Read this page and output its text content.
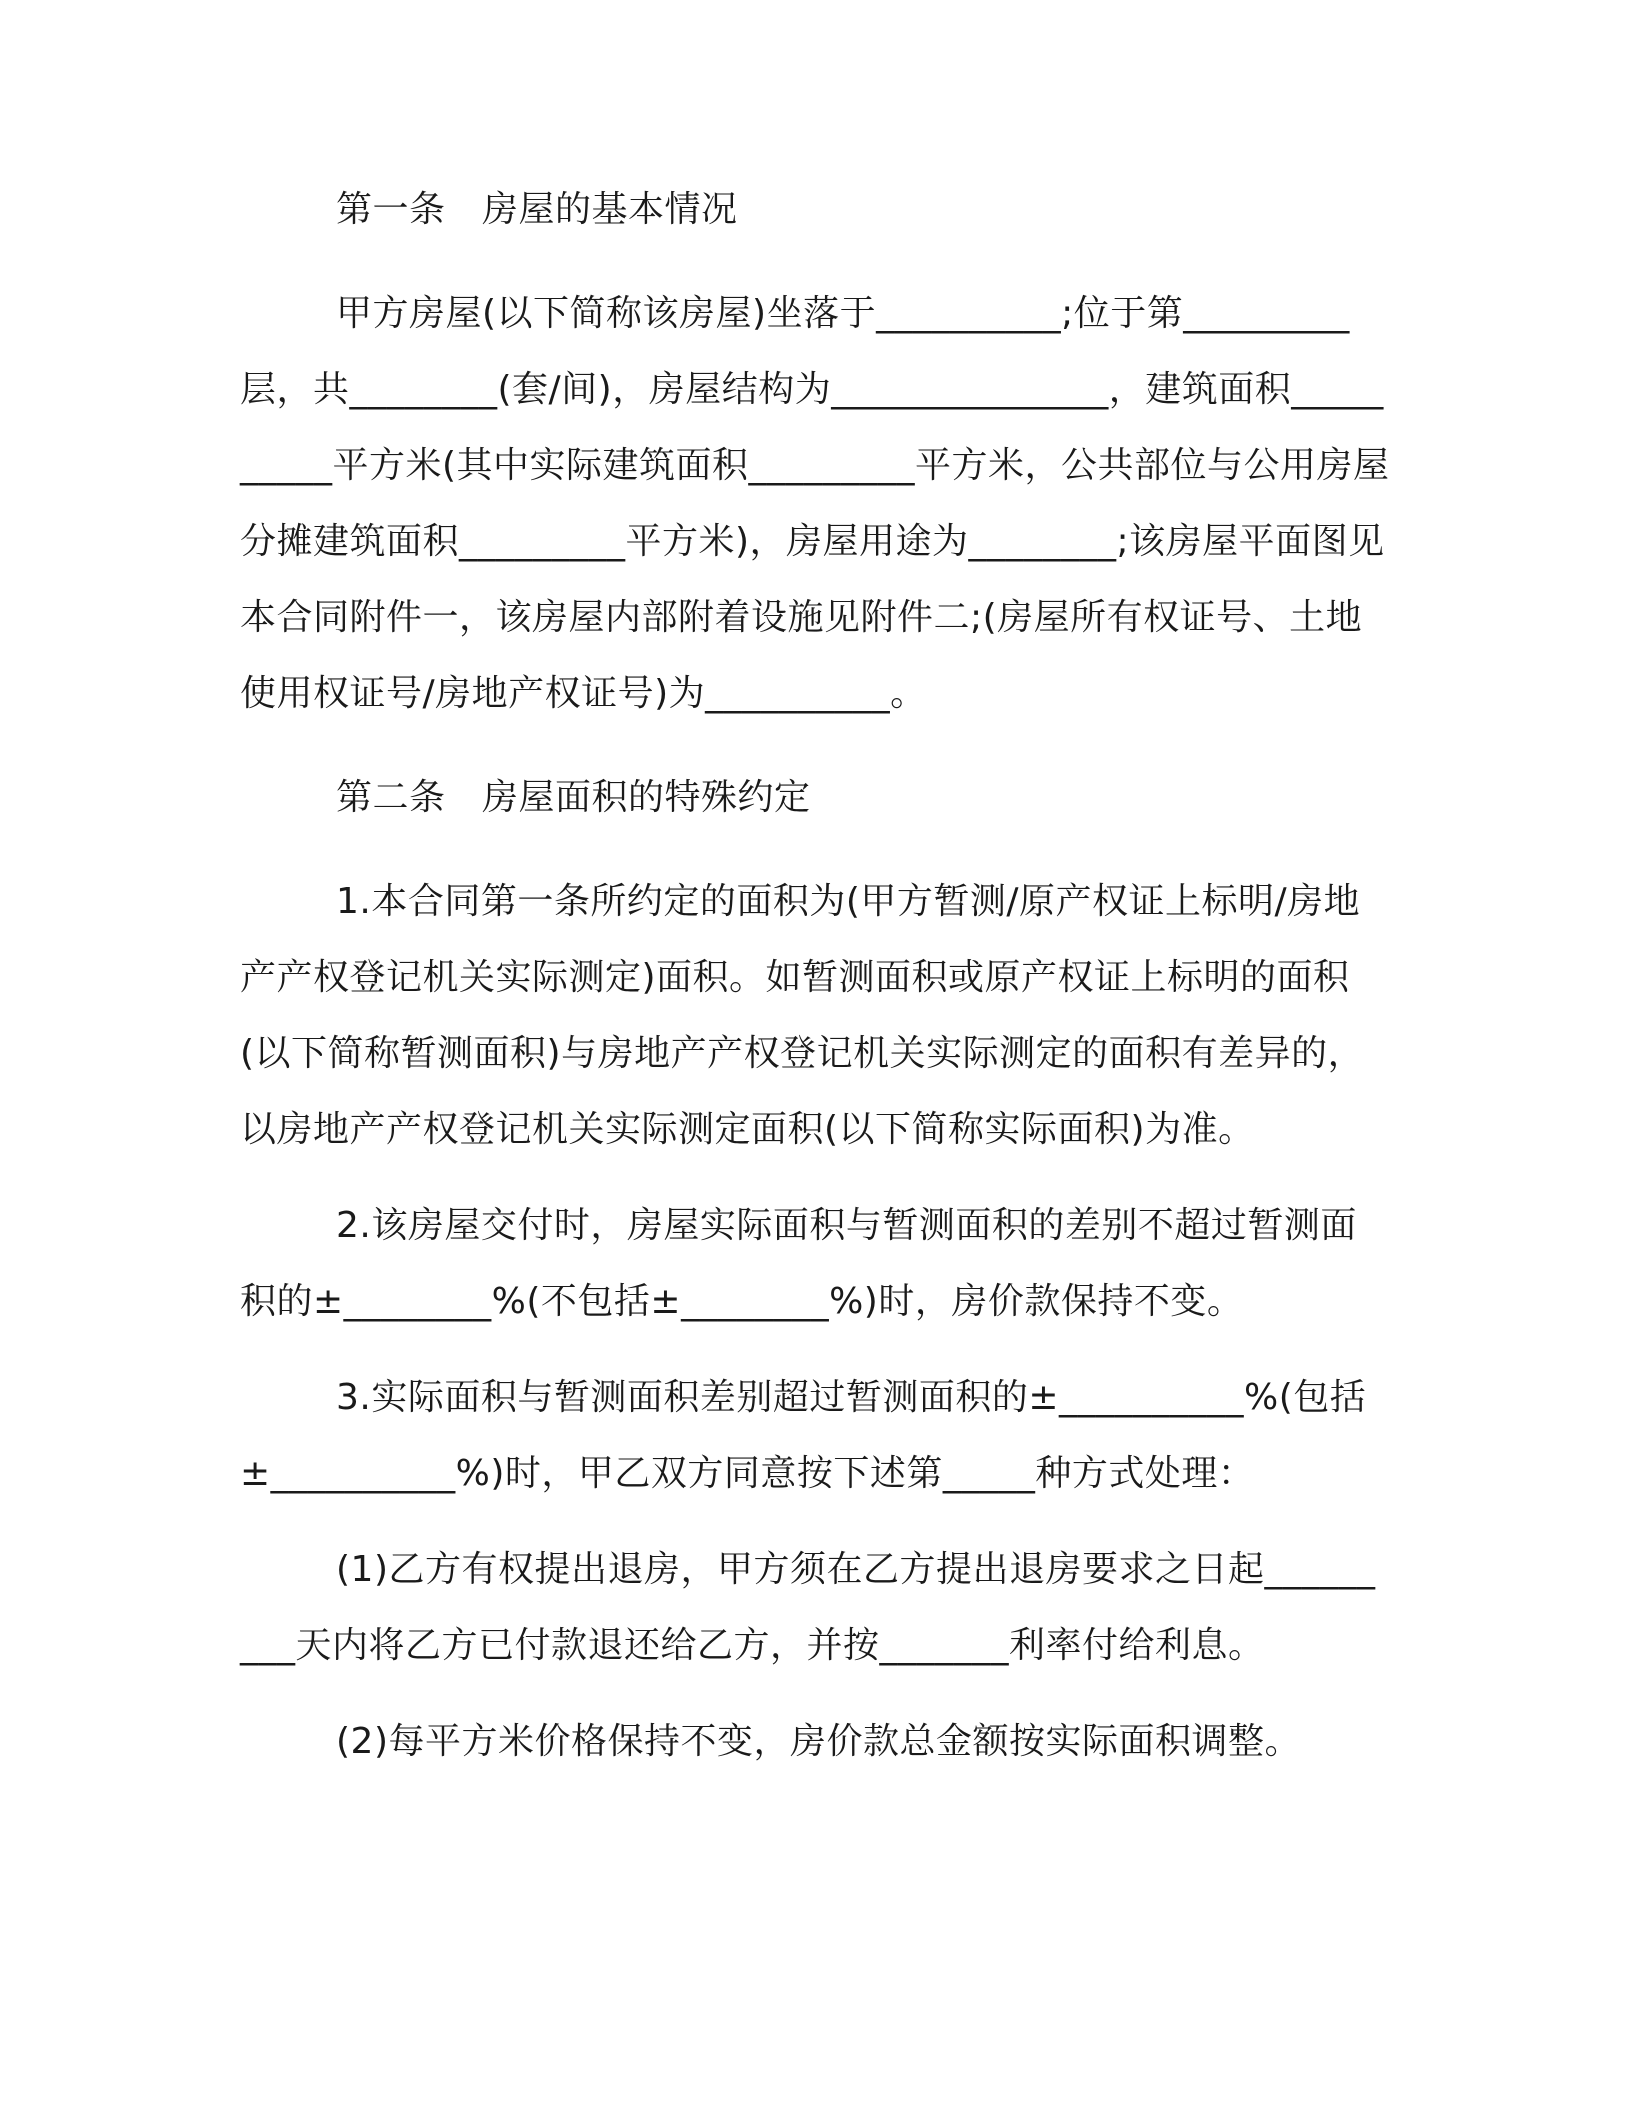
第一条　房屋的基本情况

甲方房屋(以下简称该房屋)坐落于__________;位于第_________层，共________(套/间)，房屋结构为_______________，建筑面积__________平方米(其中实际建筑面积_________平方米，公共部位与公用房屋分摊建筑面积_________平方米)，房屋用途为________;该房屋平面图见本合同附件一，该房屋内部附着设施见附件二;(房屋所有权证号、土地使用权证号/房地产权证号)为__________。

第二条　房屋面积的特殊约定

1.本合同第一条所约定的面积为(甲方暂测/原产权证上标明/房地产产权登记机关实际测定)面积。如暂测面积或原产权证上标明的面积(以下简称暂测面积)与房地产产权登记机关实际测定的面积有差异的，以房地产产权登记机关实际测定面积(以下简称实际面积)为准。

2.该房屋交付时，房屋实际面积与暂测面积的差别不超过暂测面积的±________%(不包括±________%)时，房价款保持不变。

3.实际面积与暂测面积差别超过暂测面积的±__________%(包括±__________%)时，甲乙双方同意按下述第_____种方式处理：

(1)乙方有权提出退房，甲方须在乙方提出退房要求之日起_________天内将乙方已付款退还给乙方，并按_______利率付给利息。

(2)每平方米价格保持不变，房价款总金额按实际面积调整。
